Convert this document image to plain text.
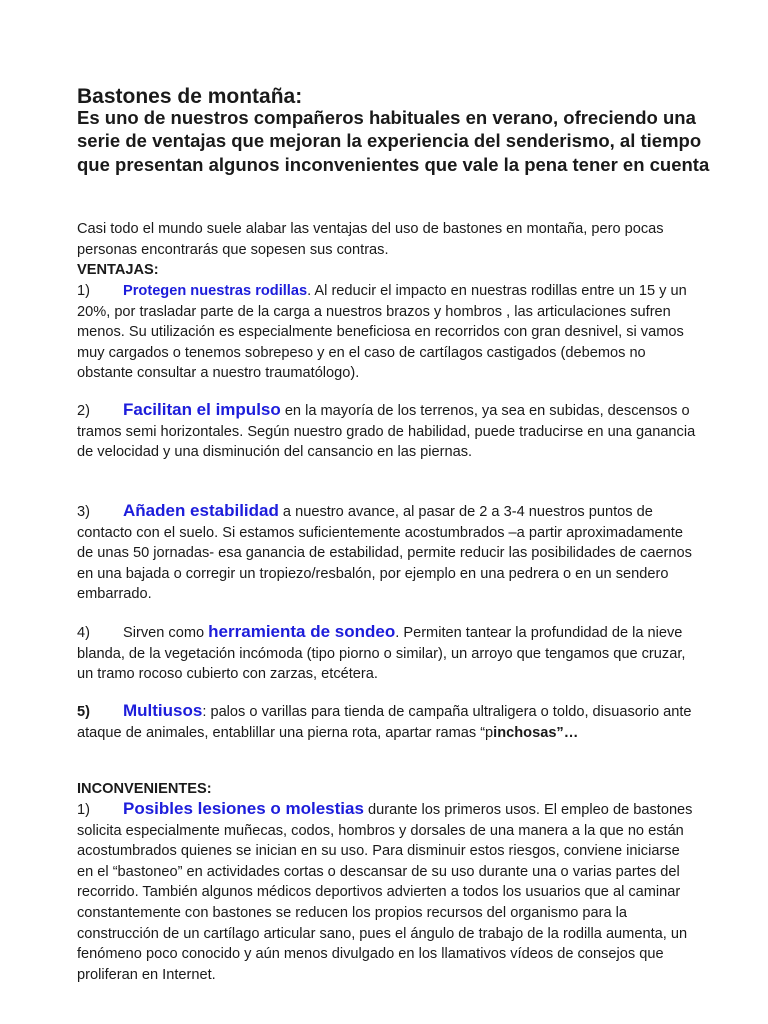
Bastones de montaña:
Es uno de nuestros compañeros habituales en verano, ofreciendo una serie de ventajas que mejoran la experiencia del senderismo, al tiempo que presentan algunos inconvenientes que vale la pena tener en cuenta
Casi todo el mundo suele alabar las ventajas del uso de bastones en montaña, pero pocas personas encontrarás que sopesen sus contras.
VENTAJAS:

1) Protegen nuestras rodillas. Al reducir el impacto en nuestras rodillas entre un 15 y un 20%, por trasladar parte de la carga a nuestros brazos y hombros , las articulaciones sufren menos. Su utilización es especialmente beneficiosa en recorridos con gran desnivel, si vamos muy cargados o tenemos sobrepeso y en el caso de cartílagos castigados (debemos no obstante consultar a nuestro traumatólogo).

2) Facilitan el impulso en la mayoría de los terrenos, ya sea en subidas, descensos o tramos semi horizontales. Según nuestro grado de habilidad, puede traducirse en una ganancia de velocidad y una disminución del cansancio en las piernas.

3) Añaden estabilidad a nuestro avance, al pasar de 2 a 3-4 nuestros puntos de contacto con el suelo. Si estamos suficientemente acostumbrados –a partir aproximadamente de unas 50 jornadas- esa ganancia de estabilidad, permite reducir las posibilidades de caernos en una bajada o corregir un tropiezo/resbalón, por ejemplo en una pedrera o en un sendero embarrado.

4) Sirven como herramienta de sondeo. Permiten tantear la profundidad de la nieve blanda, de la vegetación incómoda (tipo piorno o similar), un arroyo que tengamos que cruzar, un tramo rocoso cubierto con zarzas, etcétera.

5) Multiusos: palos o varillas para tienda de campaña ultraligera o toldo, disuasorio ante ataque de animales, entablillar una pierna rota, apartar ramas “pinchosas”…

INCONVENIENTES:

1) Posibles lesiones o molestias durante los primeros usos. El empleo de bastones solicita especialmente muñecas, codos, hombros y dorsales de una manera a la que no están acostumbrados quienes se inician en su uso. Para disminuir estos riesgos, conviene iniciarse en el “bastoneo” en actividades cortas o descansar de su uso durante una o varias partes del recorrido. También algunos médicos deportivos advierten a todos los usuarios que al caminar constantemente con bastones se reducen los propios recursos del organismo para la construcción de un cartílago articular sano, pues el ángulo de trabajo de la rodilla aumenta, un fenómeno poco conocido y aún menos divulgado en los llamativos vídeos de consejos que proliferan en Internet.
